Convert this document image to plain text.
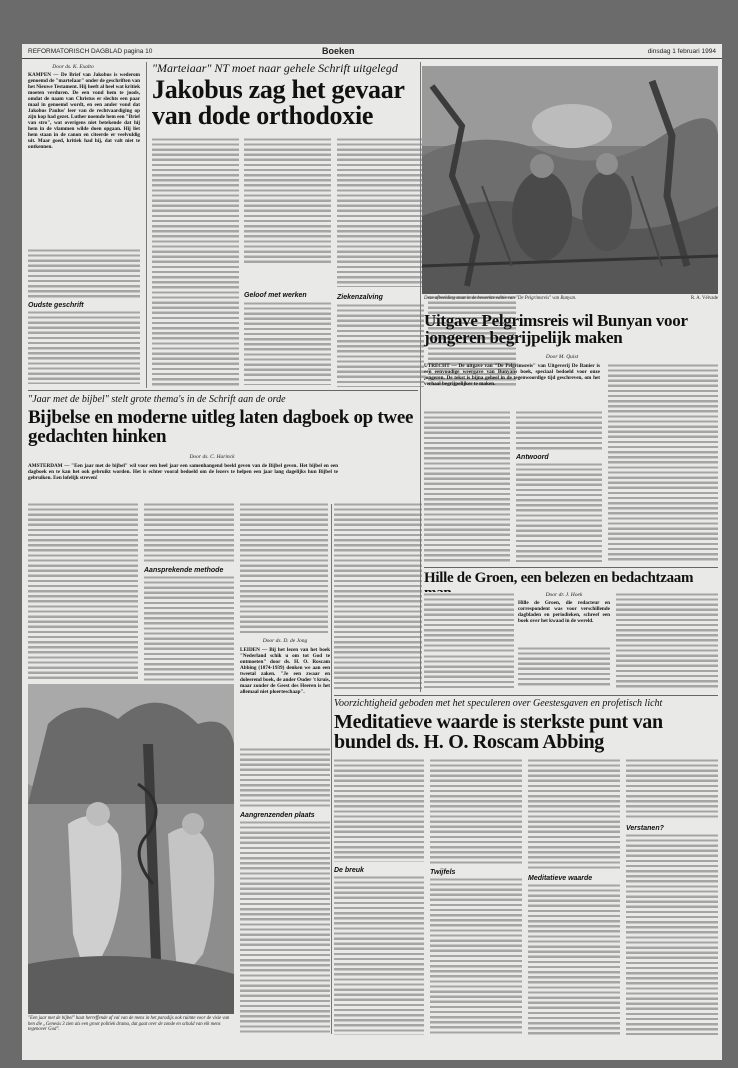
REFORMATORISCH DAGBLAD pagina 10	Boeken	dinsdag 1 februari 1994
Door ds. K. Exalto
KAMPEN — De Brief van Jakobus is wederom genoemd de "marteIaar" onder de geschriften van het Nieuwe Testament. Hij heeft al heel wat kritiek moeten verduren. De een vond hem te joods, omdat de naam van Christus er slechts een paar maal in genoemd wordt, en een ander vond dat Jakobus Paulus' leer van de rechtvaardiging op zijn kop had gezet. Luther noemde hem een "Brief van stro", wat overigens niet betekende dat hij hem in de vlammen wilde doen opgaan. Hij liet hem staan in de canon en citeerde er veelvuldig uit. Maar goed, kritiek had hij, dat valt niet te ontkennen.
"Marteiaar" NT moet naar gehele Schrift uitgelegd
Jakobus zag het gevaar van dode orthodoxie
Oudste geschrift
Geloof met werken	Ziekenzalving	Deze afbeelding staat in de bewerkte editie van "De Pelgrimsreis" van Bunyan.	R. A. Vélvade
Uitgave Pelgrimsreis wil Bunyan voor jongeren begrijpelijk maken
Door M. Quist
UTRECHT — De uitgave van "De Pelgrimsreis" van Uitgeverij De Banier is een eenvoudige weergave van Bunyans boek, speciaal bedoeld voor onze jongeren. De tekst is bijna geheel in de tegenwoordige tijd geschreven, om het verhaal begrijpelijker te maken.
Antwoord
"Jaar met de bijbel" stelt grote thema's in de Schrift aan de orde
Bijbelse en moderne uitleg laten dagboek op twee gedachten hinken
Door ds. C. Harinck
AMSTERDAM — "Een jaar met de bijbel" wil voor een heel jaar een samenhangend beeld geven van de Bijbel geven. Het bijbel en een dagboek en te kan het ook gebruikt worden. Het is echter vooral bedoeld om de lezers te helpen een jaar lang dagelijks hun Bijbel te gebruiken. Een lofelijk streven!
Aansprekende methode
Door ds. D. de Jong
LEIDEN — Bij het lezen van het boek "Nederland schik u om tot God te ontmoeten" door ds. H. O. Roscam Abbing (1874-1939) denken we aan een tweetal zaken. "Je een zwaar en doleerend boek, de ander Ouder 't kruis, maar zonder de Geest des Heeren is het allemaal niet ploerteschaap".
"Een jaar met de bijbel" haat herreffende af val van de mens in het paradijs ook ruimte voor de visie van hen die „Genesis 3 zien als een groot politiek drama, dat gaat over de zonde en schuld van elk mens tegenover God".
Hille de Groen, een belezen en bedachtzaam
Door dr. J. Hoek
Hille de Groen, die redacteur en correspondent was voor verschillende dagbladen en periodieken, schreef een boek over het kwaad in de wereld.
Voorzichtigheid geboden met het speculeren over Geestesgaven en profetisch licht
Meditatieve waarde is sterkste punt van bundel ds. H. O. Roscam Abbing
Aangrenzenden plaats
De breuk	Twijfels
Meditatieve waarde
Verstanen?
